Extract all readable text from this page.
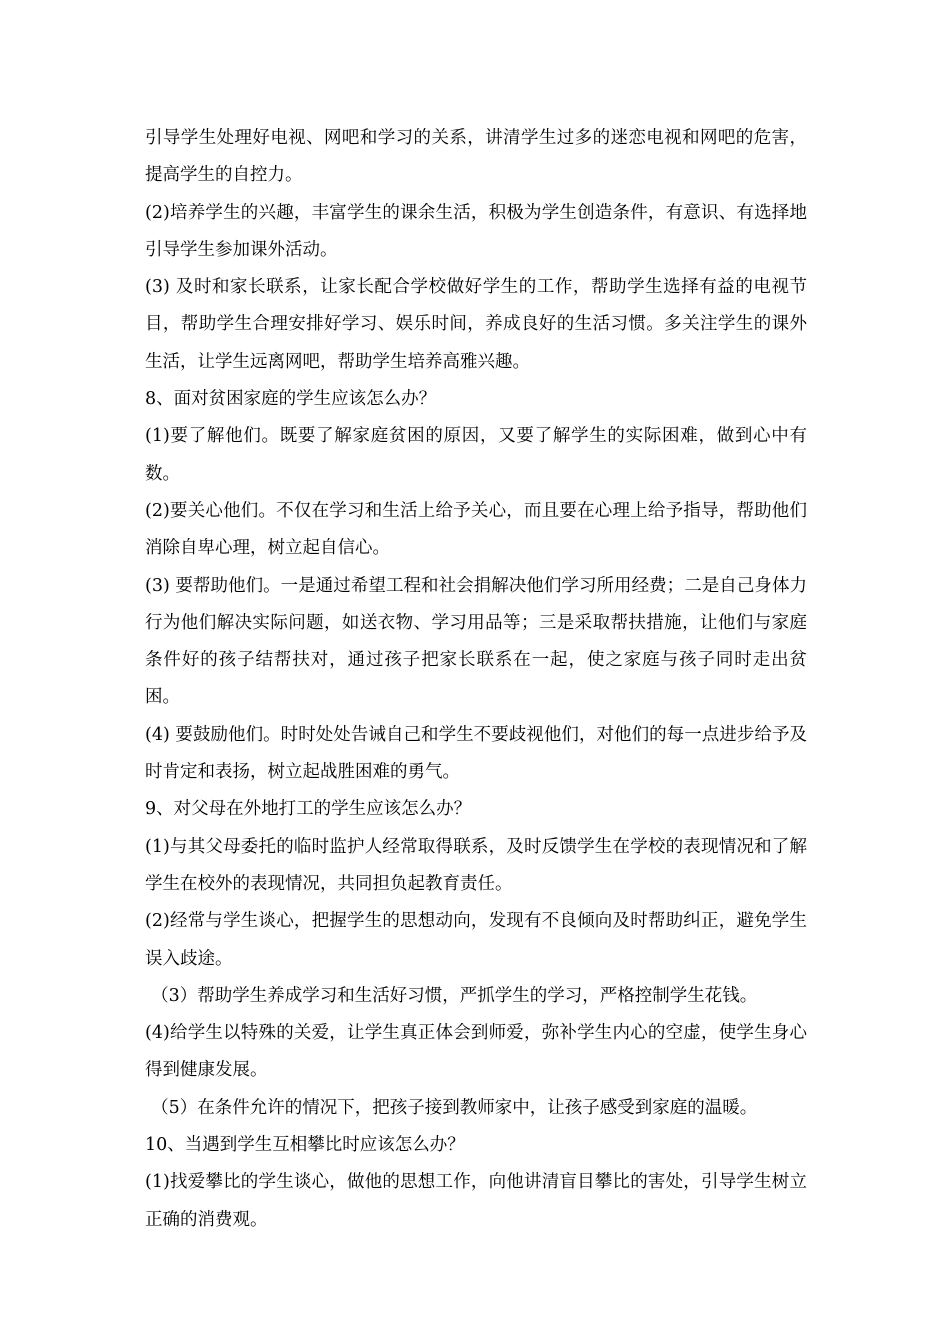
引导学生处理好电视、网吧和学习的关系，讲清学生过多的迷恋电视和网吧的危害，提高学生的自控力。

(2)培养学生的兴趣，丰富学生的课余生活，积极为学生创造条件，有意识、有选择地引导学生参加课外活动。

(3) 及时和家长联系，让家长配合学校做好学生的工作，帮助学生选择有益的电视节目，帮助学生合理安排好学习、娱乐时间，养成良好的生活习惯。多关注学生的课外生活，让学生远离网吧，帮助学生培养高雅兴趣。

8、面对贫困家庭的学生应该怎么办？

(1)要了解他们。既要了解家庭贫困的原因，又要了解学生的实际困难，做到心中有数。

(2)要关心他们。不仅在学习和生活上给予关心，而且要在心理上给予指导，帮助他们消除自卑心理，树立起自信心。

(3) 要帮助他们。一是通过希望工程和社会捐解决他们学习所用经费；二是自己身体力行为他们解决实际问题，如送衣物、学习用品等；三是采取帮扶措施，让他们与家庭条件好的孩子结帮扶对，通过孩子把家长联系在一起，使之家庭与孩子同时走出贫困。

(4) 要鼓励他们。时时处处告诫自己和学生不要歧视他们，对他们的每一点进步给予及时肯定和表扬，树立起战胜困难的勇气。

9、对父母在外地打工的学生应该怎么办？

(1)与其父母委托的临时监护人经常取得联系，及时反馈学生在学校的表现情况和了解学生在校外的表现情况，共同担负起教育责任。

(2)经常与学生谈心，把握学生的思想动向，发现有不良倾向及时帮助纠正，避免学生误入歧途。

（3）帮助学生养成学习和生活好习惯，严抓学生的学习，严格控制学生花钱。

(4)给学生以特殊的关爱，让学生真正体会到师爱，弥补学生内心的空虚，使学生身心得到健康发展。

（5）在条件允许的情况下，把孩子接到教师家中，让孩子感受到家庭的温暖。

10、当遇到学生互相攀比时应该怎么办？

(1)找爱攀比的学生谈心，做他的思想工作，向他讲清盲目攀比的害处，引导学生树立正确的消费观。
